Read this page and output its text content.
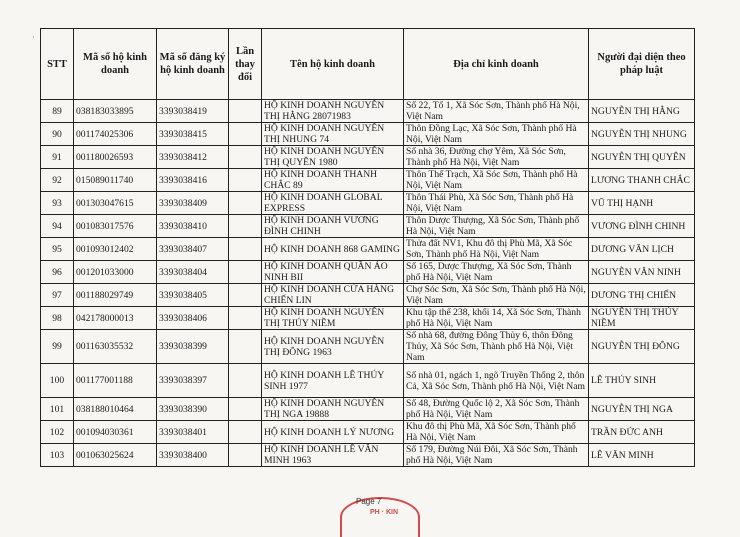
·
STT	Mã số hộ kinh doanh	Mã số đăng ký hộ kinh doanh	Lần thay đổi	Tên hộ kinh doanh	Địa chỉ kinh doanh	Người đại diện theo pháp luật
89	038183033895	3393038419		HỘ KINH DOANH NGUYỄN THỊ HẰNG 28071983	Số 22, Tổ 1, Xã Sóc Sơn, Thành phố Hà Nội, Việt Nam	NGUYỄN THỊ HẰNG
90	001174025306	3393038415		HỘ KINH DOANH NGUYỄN THỊ NHUNG 74	Thôn Đồng Lạc, Xã Sóc Sơn, Thành phố Hà Nội, Việt Nam	NGUYỄN THỊ NHUNG
91	001180026593	3393038412		HỘ KINH DOANH NGUYỄN THỊ QUYÊN 1980	Số nhà 36, Đường chợ Yêm, Xã Sóc Sơn, Thành phố Hà Nội, Việt Nam	NGUYỄN THỊ QUYÊN
92	015089011740	3393038416		HỘ KINH DOANH THANH CHẮC 89	Thôn Thế Trạch, Xã Sóc Sơn, Thành phố Hà Nội, Việt Nam	LƯƠNG THANH CHẮC
93	001303047615	3393038409		HỘ KINH DOANH GLOBAL EXPRESS	Thôn Thái Phù, Xã Sóc Sơn, Thành phố Hà Nội, Việt Nam	VŨ THỊ HẠNH
94	001083017576	3393038410		HỘ KINH DOANH VƯƠNG ĐÌNH CHINH	Thôn Dược Thượng, Xã Sóc Sơn, Thành phố Hà Nội, Việt Nam	VƯƠNG ĐÌNH CHINH
95	001093012402	3393038407		HỘ KINH DOANH 868 GAMING	Thửa đất NV1, Khu đô thị Phù Mã, Xã Sóc Sơn, Thành phố Hà Nội, Việt Nam	DƯƠNG VĂN LỊCH
96	001201033000	3393038404		HỘ KINH DOANH QUẦN ÁO NINH BII	Số 165, Dược Thượng, Xã Sóc Sơn, Thành phố Hà Nội, Việt Nam	NGUYỄN VĂN NINH
97	001188029749	3393038405		HỘ KINH DOANH CỬA HÀNG CHIẾN LIN	Chợ Sóc Sơn, Xã Sóc Sơn, Thành phố Hà Nội, Việt Nam	DƯƠNG THỊ CHIẾN
98	042178000013	3393038406		HỘ KINH DOANH NGUYỄN THỊ THÚY NIỀM	Khu tập thể 238, khối 14, Xã Sóc Sơn, Thành phố Hà Nội, Việt Nam	NGUYỄN THỊ THÚY NIỀM
99	001163035532	3393038399		HỘ KINH DOANH NGUYỄN THỊ ĐÔNG 1963	Số nhà 68, đường Đông Thủy 6, thôn Đông Thủy, Xã Sóc Sơn, Thành phố Hà Nội, Việt Nam	NGUYỄN THỊ ĐÔNG
100	001177001188	3393038397		HỘ KINH DOANH LÊ THÚY SINH 1977	Số nhà 01, ngách 1, ngõ Truyền Thống 2, thôn Cả, Xã Sóc Sơn, Thành phố Hà Nội, Việt Nam	LÊ THÚY SINH
101	038188010464	3393038390		HỘ KINH DOANH NGUYỄN THỊ NGA 19888	Số 48, Đường Quốc lộ 2, Xã Sóc Sơn, Thành phố Hà Nội, Việt Nam	NGUYỄN THỊ NGA
102	001094030361	3393038401		HỘ KINH DOANH LÝ NƯƠNG	Khu đô thị Phù Mã, Xã Sóc Sơn, Thành phố Hà Nội, Việt Nam	TRẦN ĐỨC ANH
103	001063025624	3393038400		HỘ KINH DOANH LÊ VĂN MINH 1963	Số 179, Đường Núi Đôi, Xã Sóc Sơn, Thành phố Hà Nội, Việt Nam	LÊ VĂN MINH
PH · KIN
Page 7
